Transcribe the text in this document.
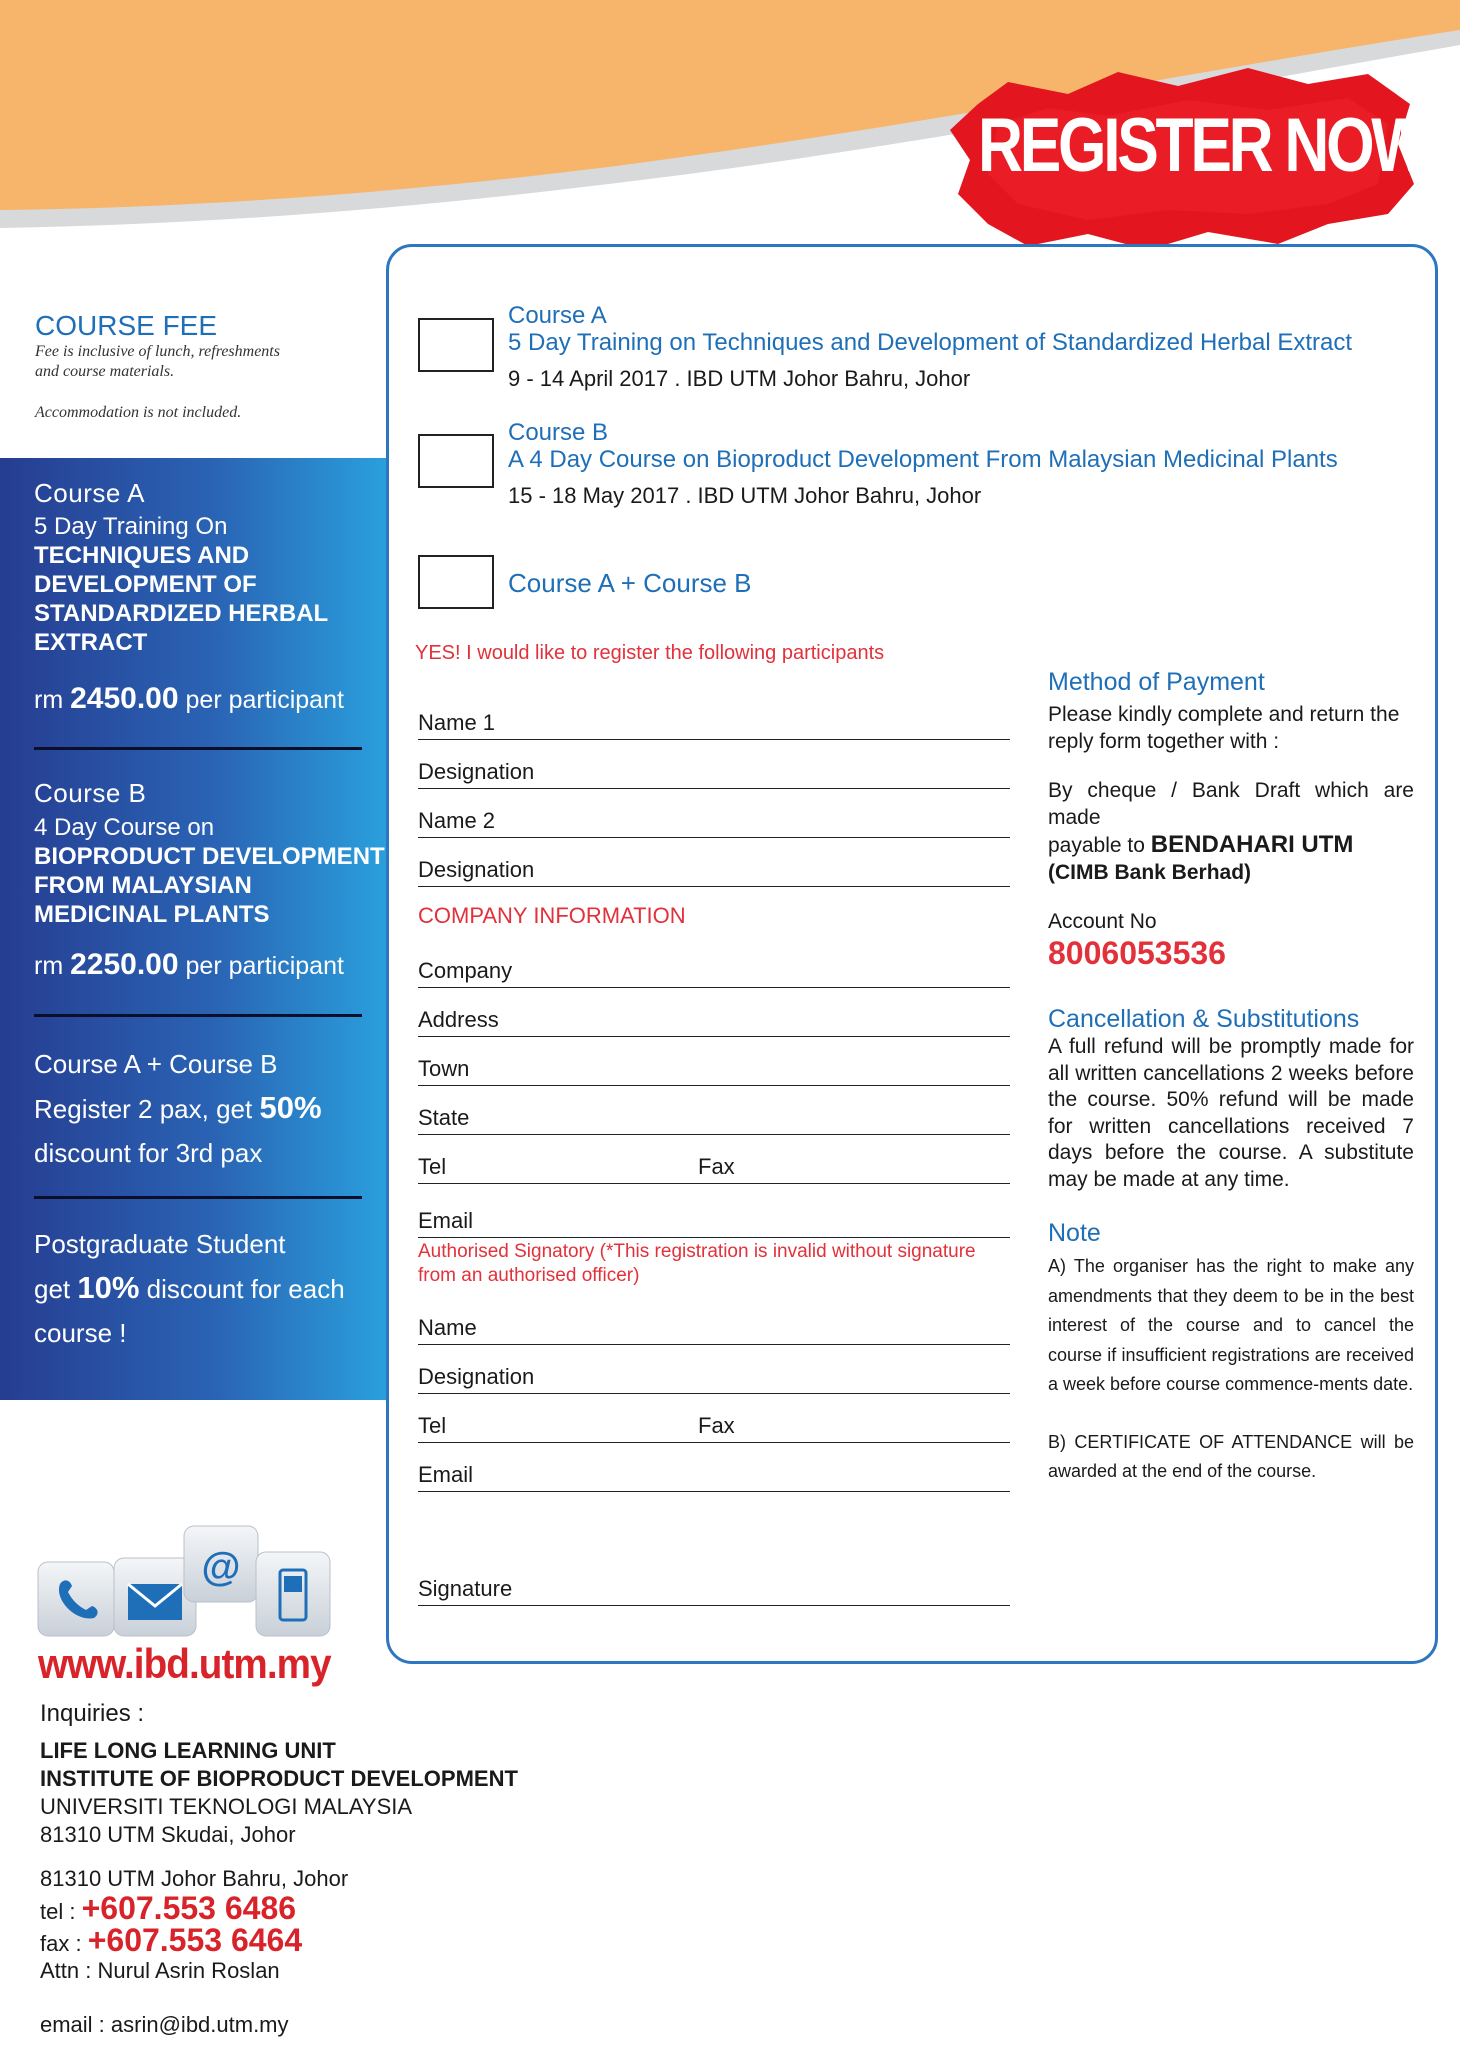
REGISTER NOW!
COURSE FEE
Fee is inclusive of lunch, refreshments
and course materials.
Accommodation is not included.
Course A
5 Day Training On
TECHNIQUES AND
DEVELOPMENT OF
STANDARDIZED HERBAL
EXTRACT
rm 2450.00 per participant
Course B
4 Day Course on
BIOPRODUCT DEVELOPMENT
FROM MALAYSIAN
MEDICINAL PLANTS
rm 2250.00 per participant
Course A + Course B
Register 2 pax, get 50%
discount for 3rd pax
Postgraduate Student
get 10% discount for each
course !
@
www.ibd.utm.my
Inquiries :
LIFE LONG LEARNING UNIT
INSTITUTE OF BIOPRODUCT DEVELOPMENT
UNIVERSITI TEKNOLOGI MALAYSIA
81310 UTM Skudai, Johor
81310 UTM Johor Bahru, Johor
tel : +607.553 6486
fax : +607.553 6464
Attn : Nurul Asrin Roslan
email : asrin@ibd.utm.my
Course A
5 Day Training on Techniques and Development of Standardized Herbal Extract
9 - 14 April 2017 . IBD UTM Johor Bahru, Johor
Course B
A 4 Day Course on Bioproduct Development From Malaysian Medicinal Plants
15 - 18 May 2017 . IBD UTM Johor Bahru, Johor
Course A + Course B
YES! I would like to register the following participants
Name 1
Designation
Name 2
Designation
COMPANY INFORMATION
Company
Address
Town
State
Tel	Fax
Email
Authorised Signatory (*This registration is invalid without signature
from an authorised officer)
Name
Designation
Tel	Fax
Email
Signature
Method of Payment
Please kindly complete and return the
reply form together with :
By cheque / Bank Draft which are made
payable to BENDAHARI UTM
(CIMB Bank Berhad)
Account No
8006053536
Cancellation & Substitutions
A full refund will be promptly made for all written cancellations 2 weeks before the course. 50% refund will be made for written cancellations received 7 days before the course. A substitute may be made at any time.
Note
A) The organiser has the right to make any amendments that they deem to be in the best interest of the course and to cancel the course if insufficient registrations are received a week before course commence-ments date.
B) CERTIFICATE OF ATTENDANCE will be awarded at the end of the course.
